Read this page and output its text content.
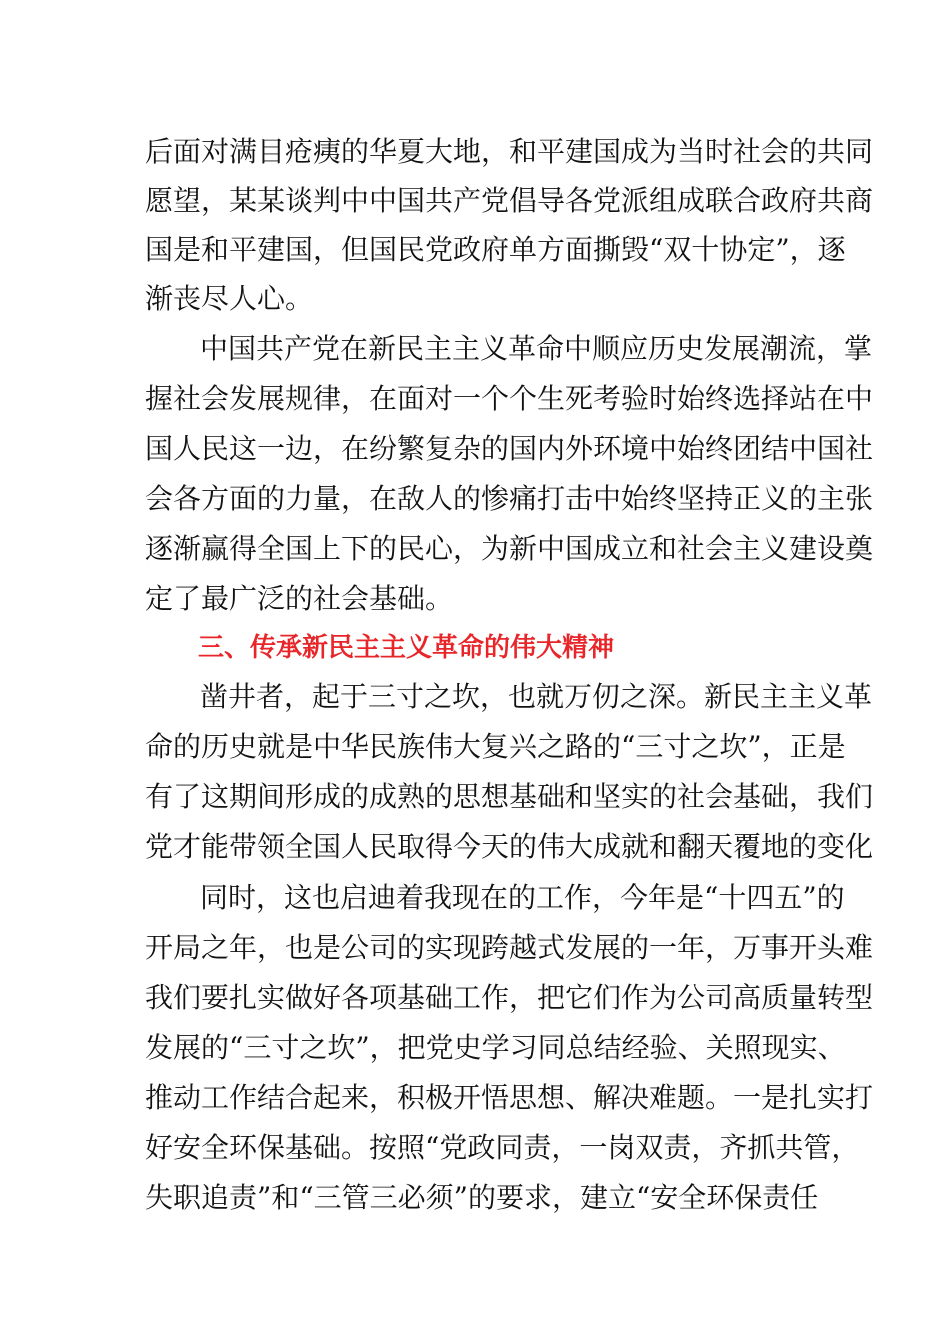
后面对满目疮痍的华夏大地，和平建国成为当时社会的共同
愿望，某某谈判中中国共产党倡导各党派组成联合政府共商
国是和平建国，但国民党政府单方面撕毁“双十协定”，逐
渐丧尽人心。
中国共产党在新民主主义革命中顺应历史发展潮流，掌
握社会发展规律，在面对一个个生死考验时始终选择站在中
国人民这一边，在纷繁复杂的国内外环境中始终团结中国社
会各方面的力量，在敌人的惨痛打击中始终坚持正义的主张
逐渐赢得全国上下的民心，为新中国成立和社会主义建设奠
定了最广泛的社会基础。
三、传承新民主主义革命的伟大精神
凿井者，起于三寸之坎，也就万仞之深。新民主主义革
命的历史就是中华民族伟大复兴之路的“三寸之坎”，正是
有了这期间形成的成熟的思想基础和坚实的社会基础，我们
党才能带领全国人民取得今天的伟大成就和翻天覆地的变化
同时，这也启迪着我现在的工作，今年是“十四五”的
开局之年，也是公司的实现跨越式发展的一年，万事开头难
我们要扎实做好各项基础工作，把它们作为公司高质量转型
发展的“三寸之坎”，把党史学习同总结经验、关照现实、
推动工作结合起来，积极开悟思想、解决难题。一是扎实打
好安全环保基础。按照“党政同责，一岗双责，齐抓共管，
失职追责”和“三管三必须”的要求，建立“安全环保责任
